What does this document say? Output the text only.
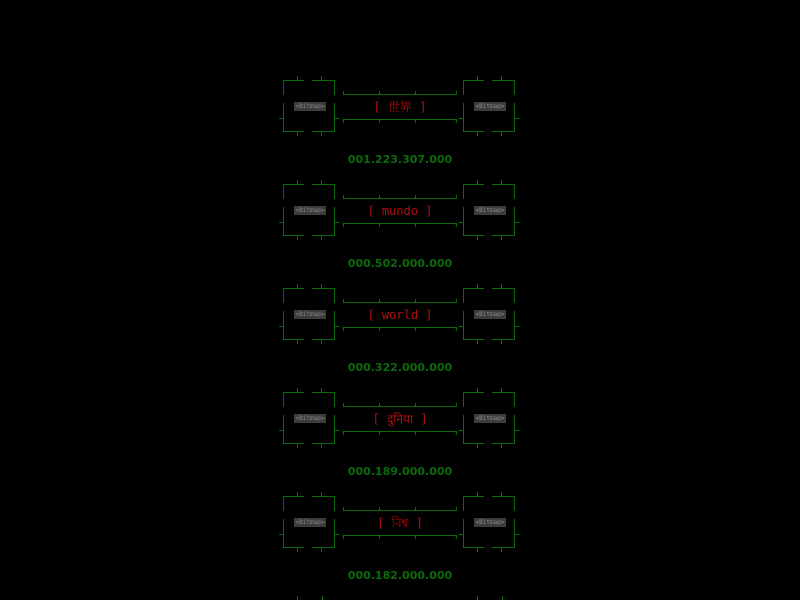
<Bitmap>	[ 世界 ]	<Bitmap>
001.223.307.000
<Bitmap>	[ mundo ]	<Bitmap>
000.502.000.000
<Bitmap>	[ world ]	<Bitmap>
000.322.000.000
<Bitmap>	[ दुनिया ]	<Bitmap>
000.189.000.000
<Bitmap>	[ বিশ্ব ]	<Bitmap>
000.182.000.000
